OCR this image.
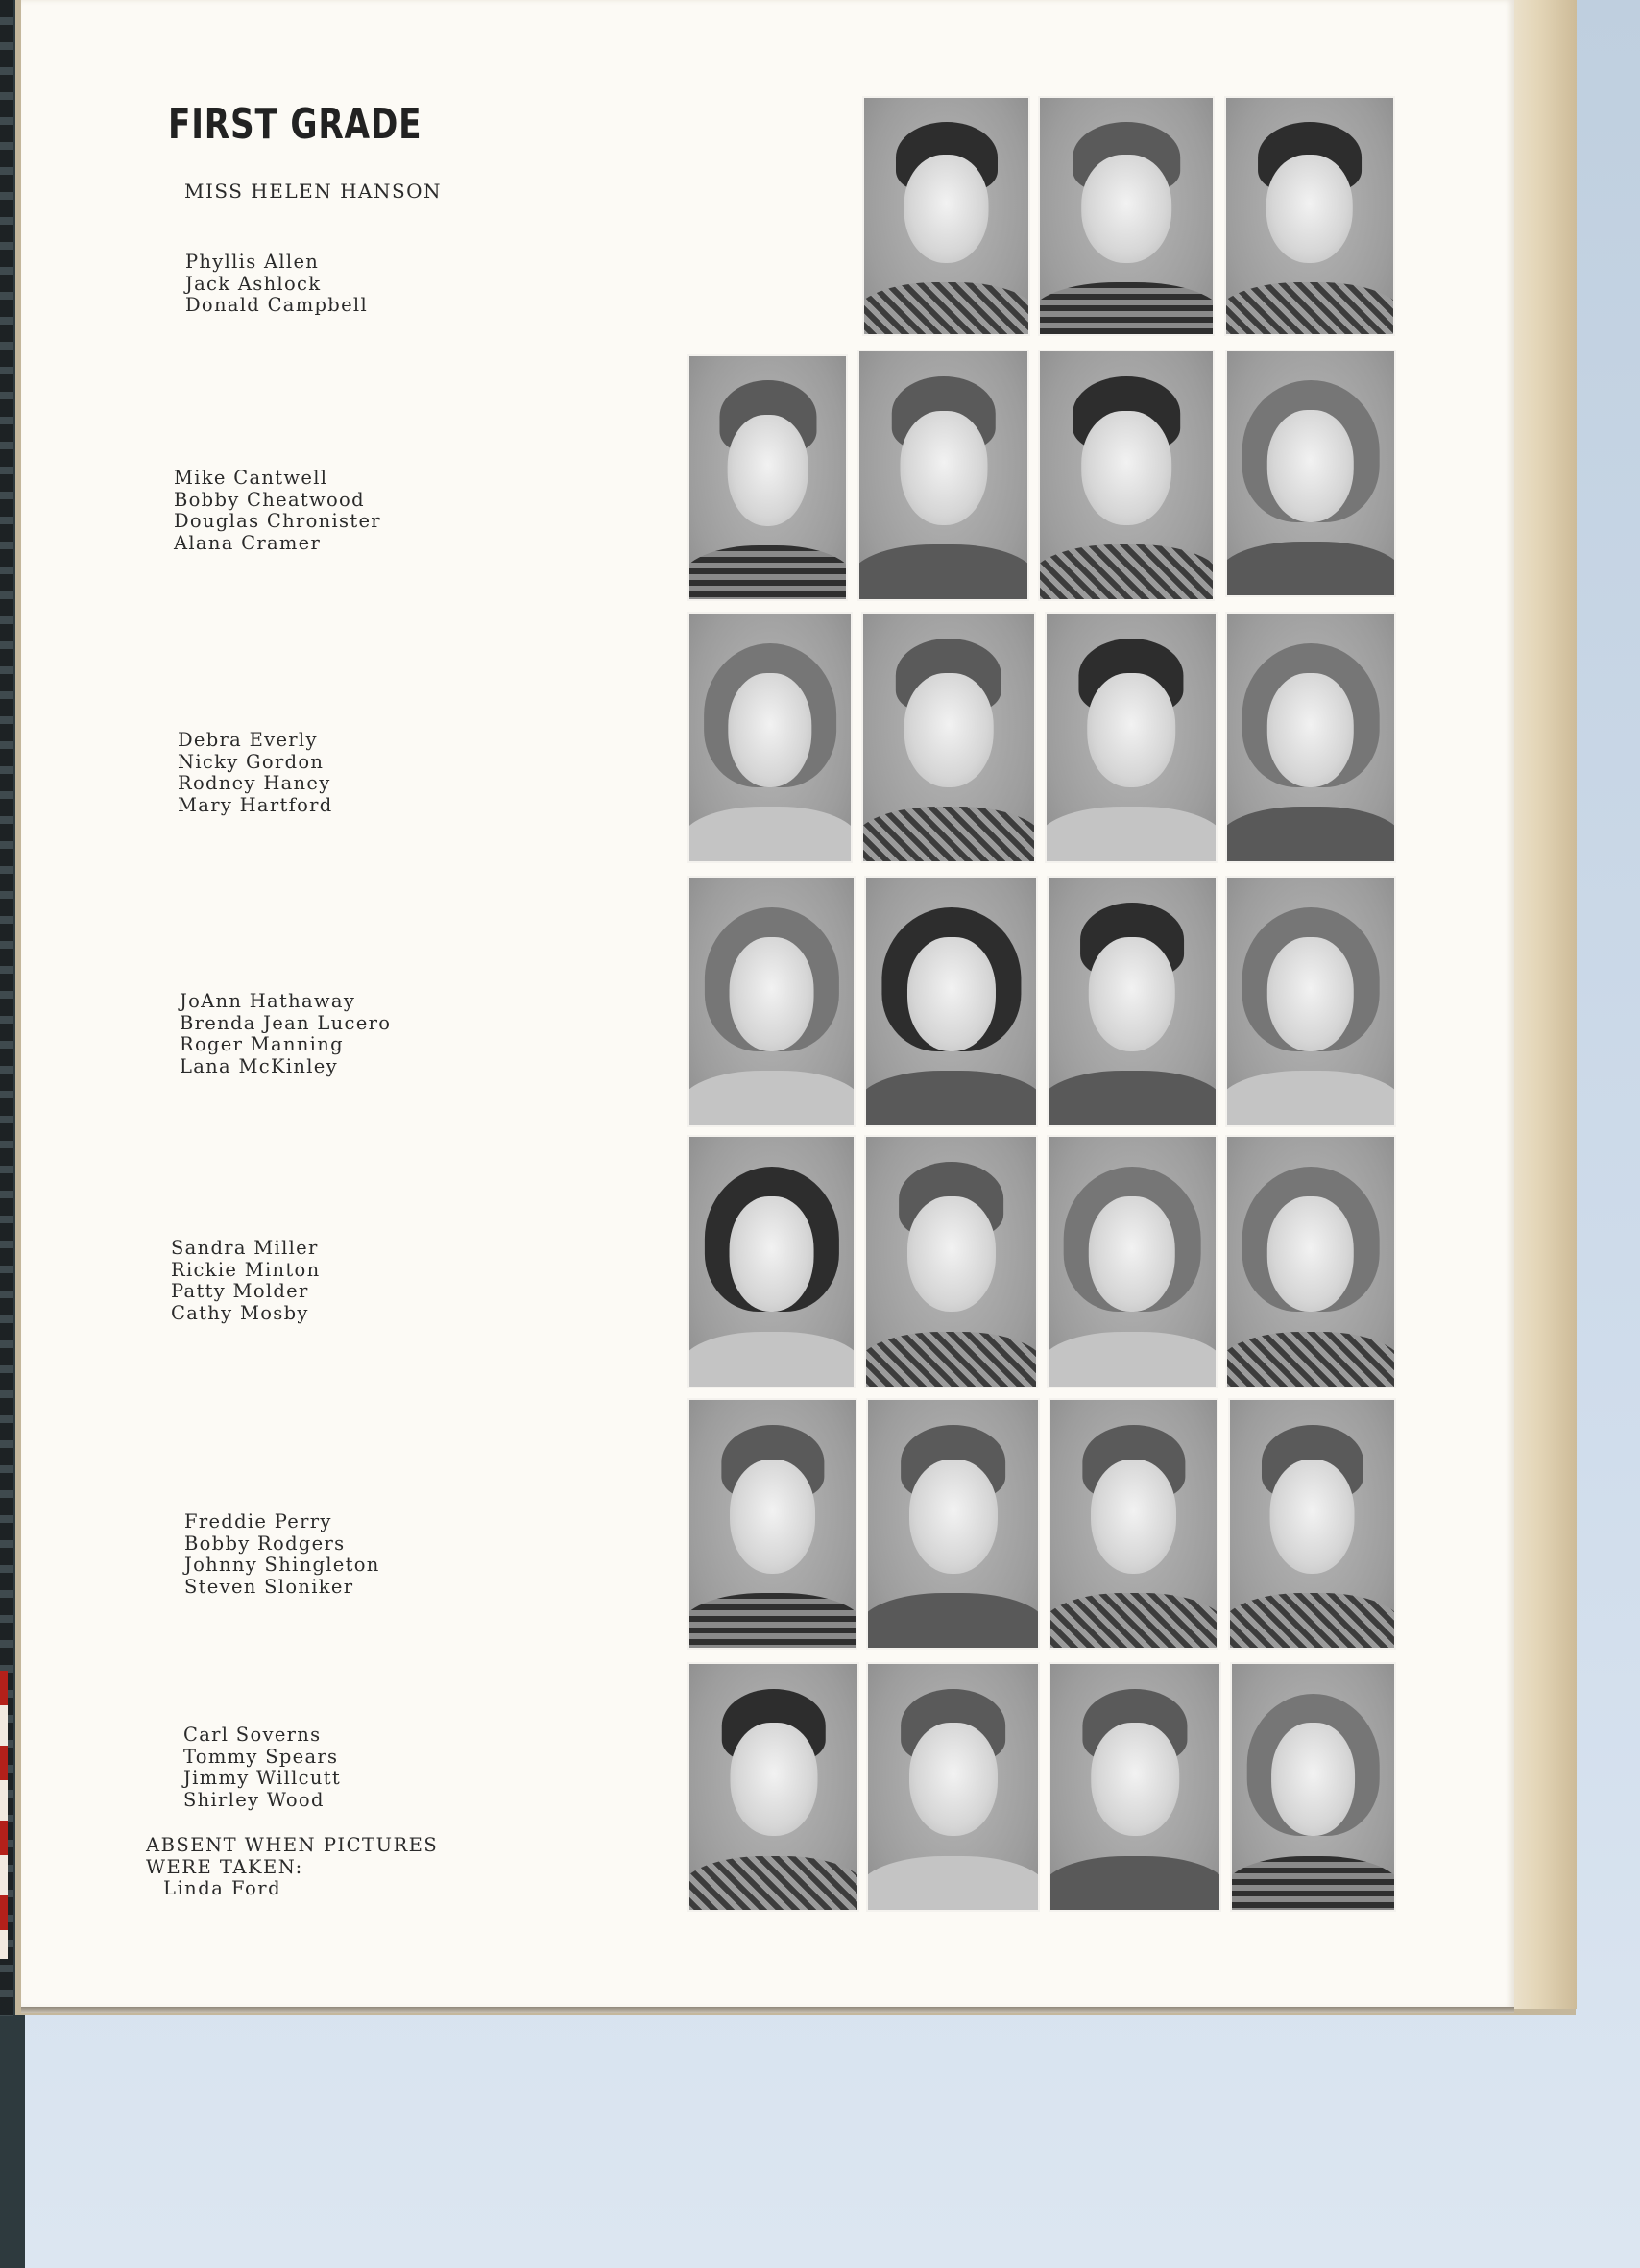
FIRST GRADE
MISS HELEN HANSON
Phyllis Allen
Jack Ashlock
Donald Campbell
Mike Cantwell
Bobby Cheatwood
Douglas Chronister
Alana Cramer
Debra Everly
Nicky Gordon
Rodney Haney
Mary Hartford
JoAnn Hathaway
Brenda Jean Lucero
Roger Manning
Lana McKinley
Sandra Miller
Rickie Minton
Patty Molder
Cathy Mosby
Freddie Perry
Bobby Rodgers
Johnny Shingleton
Steven Sloniker
Carl Soverns
Tommy Spears
Jimmy Willcutt
Shirley Wood
ABSENT WHEN PICTURES
WERE TAKEN:
Linda Ford
